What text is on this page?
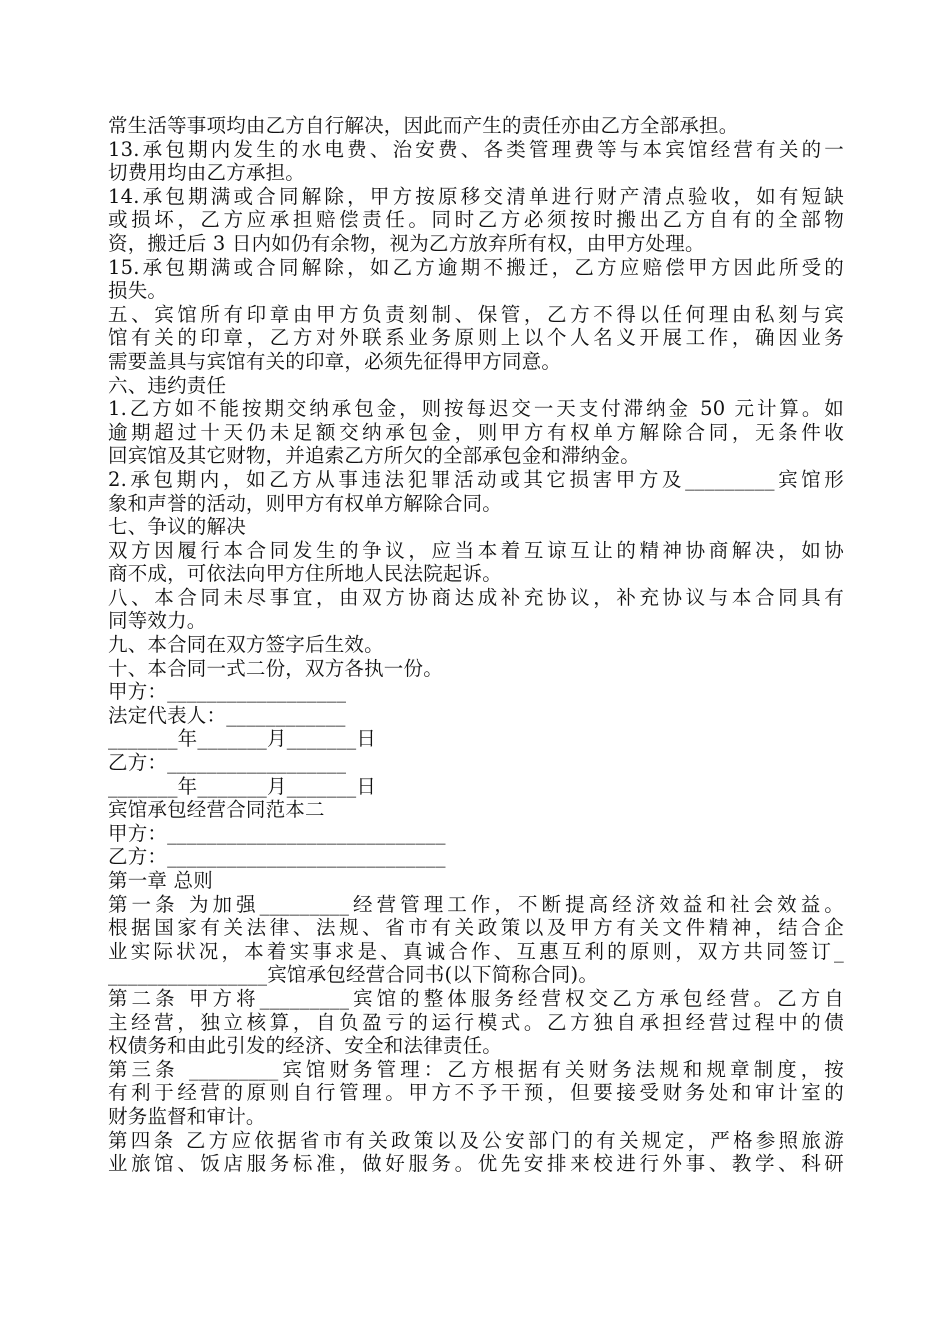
常生活等事项均由乙方自行解决，因此而产生的责任亦由乙方全部承担。
13.承包期内发生的水电费、治安费、各类管理费等与本宾馆经营有关的一
切费用均由乙方承担。
14.承包期满或合同解除，甲方按原移交清单进行财产清点验收，如有短缺
或损坏，乙方应承担赔偿责任。同时乙方必须按时搬出乙方自有的全部物
资，搬迁后 3 日内如仍有余物，视为乙方放弃所有权，由甲方处理。
15.承包期满或合同解除，如乙方逾期不搬迁，乙方应赔偿甲方因此所受的
损失。
五、宾馆所有印章由甲方负责刻制、保管，乙方不得以任何理由私刻与宾
馆有关的印章，乙方对外联系业务原则上以个人名义开展工作，确因业务
需要盖具与宾馆有关的印章，必须先征得甲方同意。
六、违约责任
1.乙方如不能按期交纳承包金，则按每迟交一天支付滞纳金 50 元计算。如
逾期超过十天仍未足额交纳承包金，则甲方有权单方解除合同，无条件收
回宾馆及其它财物，并追索乙方所欠的全部承包金和滞纳金。
2.承包期内，如乙方从事违法犯罪活动或其它损害甲方及_________宾馆形
象和声誉的活动，则甲方有权单方解除合同。
七、争议的解决
双方因履行本合同发生的争议，应当本着互谅互让的精神协商解决，如协
商不成，可依法向甲方住所地人民法院起诉。
八、本合同未尽事宜，由双方协商达成补充协议，补充协议与本合同具有
同等效力。
九、本合同在双方签字后生效。
十、本合同一式二份，双方各执一份。
甲方：__________________
法定代表人：____________
_______年_______月_______日
乙方：__________________
_______年_______月_______日
宾馆承包经营合同范本二
甲方：____________________________
乙方：____________________________
第一章 总则
第一条 为加强_________经营管理工作，不断提高经济效益和社会效益。
根据国家有关法律、法规、省市有关政策以及甲方有关文件精神，结合企
业实际状况，本着实事求是、真诚合作、互惠互利的原则，双方共同签订_
________________宾馆承包经营合同书(以下简称合同)。
第二条 甲方将_________宾馆的整体服务经营权交乙方承包经营。乙方自
主经营，独立核算，自负盈亏的运行模式。乙方独自承担经营过程中的债
权债务和由此引发的经济、安全和法律责任。
第三条 _________宾馆财务管理：乙方根据有关财务法规和规章制度，按
有利于经营的原则自行管理。甲方不予干预，但要接受财务处和审计室的
财务监督和审计。
第四条 乙方应依据省市有关政策以及公安部门的有关规定，严格参照旅游
业旅馆、饭店服务标准，做好服务。优先安排来校进行外事、教学、科研
